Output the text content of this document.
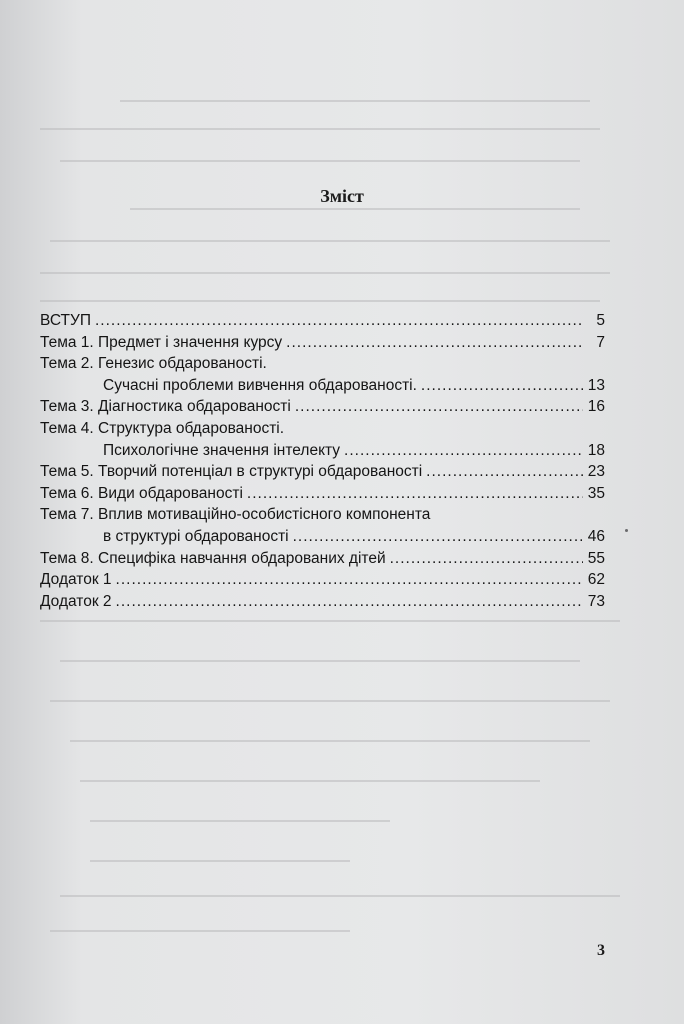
Зміст
ВСТУП .....	5
Тема 1. Предмет і значення курсу .....	7
Тема 2. Генезис обдарованості.
Сучасні проблеми вивчення обдарованості. .....	13
Тема 3. Діагностика обдарованості .....	16
Тема 4. Структура обдарованості.
Психологічне значення інтелекту .....	18
Тема 5. Творчий потенціал в структурі обдарованості .....	23
Тема 6. Види обдарованості .....	35
Тема 7. Вплив мотиваційно-особистісного компонента
в структурі обдарованості .....	46
Тема 8. Специфіка навчання обдарованих дітей .....	55
Додаток 1 .....	62
Додаток 2 .....	73
3
